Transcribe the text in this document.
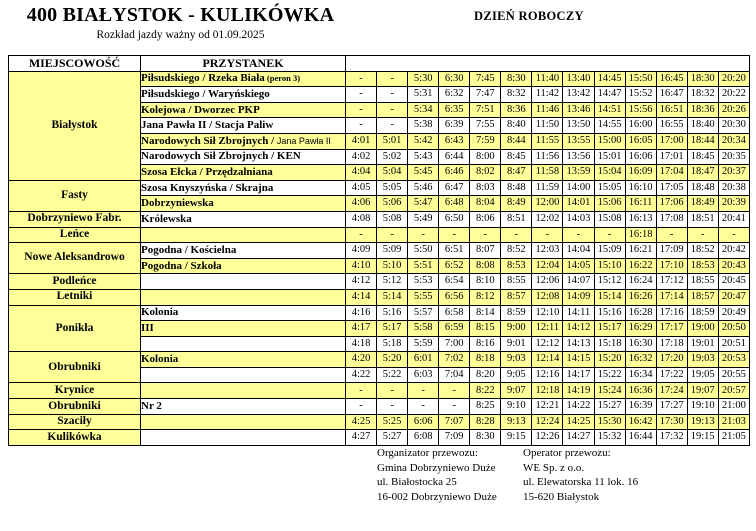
400 BIAŁYSTOK - KULIKÓWKA
Rozkład jazdy ważny od 01.09.2025
DZIEŃ ROBOCZY
MIEJSCOWOŚĆ	PRZYSTANEK													
Białystok	Piłsudskiego / Rzeka Biała (peron 3)	-	-	5:30	6:30	7:45	8:30	11:40	13:40	14:45	15:50	16:45	18:30	20:20
	Piłsudskiego / Waryńskiego	-	-	5:31	6:32	7:47	8:32	11:42	13:42	14:47	15:52	16:47	18:32	20:22
	Kolejowa / Dworzec PKP	-	-	5:34	6:35	7:51	8:36	11:46	13:46	14:51	15:56	16:51	18:36	20:26
	Jana Pawła II / Stacja Paliw	-	-	5:38	6:39	7:55	8:40	11:50	13:50	14:55	16:00	16:55	18:40	20:30
	Narodowych Sił Zbrojnych / Jana Pawła II	4:01	5:01	5:42	6:43	7:59	8:44	11:55	13:55	15:00	16:05	17:00	18:44	20:34
	Narodowych Sił Zbrojnych / KEN	4:02	5:02	5:43	6:44	8:00	8:45	11:56	13:56	15:01	16:06	17:01	18:45	20:35
	Szosa Ełcka / Przędzalniana	4:04	5:04	5:45	6:46	8:02	8:47	11:58	13:59	15:04	16:09	17:04	18:47	20:37
Fasty	Szosa Knyszyńska / Skrajna	4:05	5:05	5:46	6:47	8:03	8:48	11:59	14:00	15:05	16:10	17:05	18:48	20:38
	Dobrzyniewska	4:06	5:06	5:47	6:48	8:04	8:49	12:00	14:01	15:06	16:11	17:06	18:49	20:39
Dobrzyniewo Fabr.	Królewska	4:08	5:08	5:49	6:50	8:06	8:51	12:02	14:03	15:08	16:13	17:08	18:51	20:41
Leńce		-	-	-	-	-	-	-	-	-	16:18	-	-	-
Nowe Aleksandrowo	Pogodna / Kościelna	4:09	5:09	5:50	6:51	8:07	8:52	12:03	14:04	15:09	16:21	17:09	18:52	20:42
	Pogodna / Szkoła	4:10	5:10	5:51	6:52	8:08	8:53	12:04	14:05	15:10	16:22	17:10	18:53	20:43
Podleńce		4:12	5:12	5:53	6:54	8:10	8:55	12:06	14:07	15:12	16:24	17:12	18:55	20:45
Letniki		4:14	5:14	5:55	6:56	8:12	8:57	12:08	14:09	15:14	16:26	17:14	18:57	20:47
Ponikła	Kolonia	4:16	5:16	5:57	6:58	8:14	8:59	12:10	14:11	15:16	16:28	17:16	18:59	20:49
	III	4:17	5:17	5:58	6:59	8:15	9:00	12:11	14:12	15:17	16:29	17:17	19:00	20:50
		4:18	5:18	5:59	7:00	8:16	9:01	12:12	14:13	15:18	16:30	17:18	19:01	20:51
Obrubniki	Kolonia	4:20	5:20	6:01	7:02	8:18	9:03	12:14	14:15	15:20	16:32	17:20	19:03	20:53
		4:22	5:22	6:03	7:04	8:20	9:05	12:16	14:17	15:22	16:34	17:22	19:05	20:55
Krynice		-	-	-	-	8:22	9:07	12:18	14:19	15:24	16:36	17:24	19:07	20:57
Obrubniki	Nr 2	-	-	-	-	8:25	9:10	12:21	14:22	15:27	16:39	17:27	19:10	21:00
Szaciły		4:25	5:25	6:06	7:07	8:28	9:13	12:24	14:25	15:30	16:42	17:30	19:13	21:03
Kulikówka		4:27	5:27	6:08	7:09	8:30	9:15	12:26	14:27	15:32	16:44	17:32	19:15	21:05
Organizator przewozu:
Gmina Dobrzyniewo Duże
ul. Białostocka 25
16-002 Dobrzyniewo Duże
Operator przewozu:
WE Sp. z o.o.
ul. Elewatorska 11 lok. 16
15-620 Białystok
